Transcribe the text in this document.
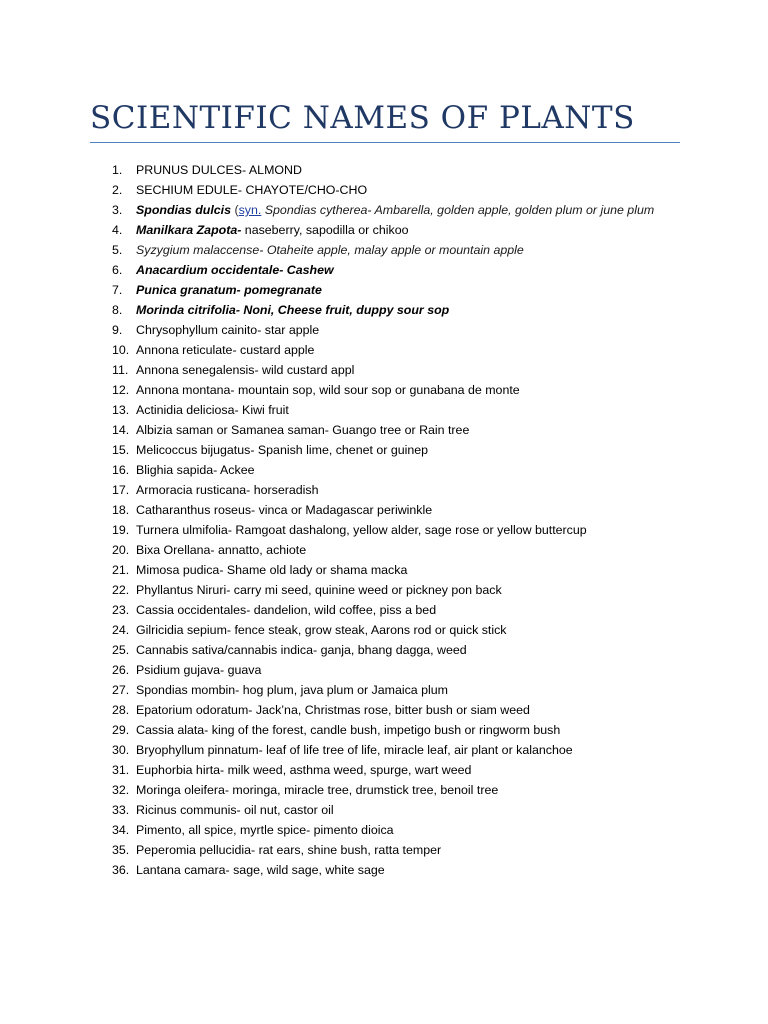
SCIENTIFIC NAMES OF PLANTS
1.	PRUNUS DULCES- ALMOND
2.	SECHIUM EDULE- CHAYOTE/CHO-CHO
3.	Spondias dulcis (syn. Spondias cytherea- Ambarella, golden apple, golden plum or june plum
4.	Manilkara Zapota- naseberry, sapodilla or chikoo
5.	Syzygium malaccense- Otaheite apple, malay apple or mountain apple
6.	Anacardium occidentale- Cashew
7.	Punica granatum- pomegranate
8.	Morinda citrifolia- Noni, Cheese fruit, duppy sour sop
9.	Chrysophyllum cainito- star apple
10. Annona reticulate- custard apple
11. Annona senegalensis- wild custard appl
12. Annona montana- mountain sop, wild sour sop or gunabana de monte
13. Actinidia deliciosa- Kiwi fruit
14. Albizia saman or Samanea saman- Guango tree or Rain tree
15. Melicoccus bijugatus- Spanish lime, chenet or guinep
16. Blighia sapida- Ackee
17. Armoracia rusticana- horseradish
18. Catharanthus roseus- vinca or Madagascar periwinkle
19. Turnera ulmifolia- Ramgoat dashalong, yellow alder, sage rose or yellow buttercup
20. Bixa Orellana- annatto, achiote
21. Mimosa pudica- Shame old lady or shama macka
22. Phyllantus Niruri- carry mi seed, quinine weed or pickney pon back
23. Cassia occidentales- dandelion, wild coffee, piss a bed
24. Gilricidia sepium- fence steak, grow steak, Aarons rod or quick stick
25. Cannabis sativa/cannabis indica- ganja, bhang dagga, weed
26. Psidium gujava- guava
27. Spondias mombin- hog plum, java plum or Jamaica plum
28. Epatorium odoratum- Jack’na, Christmas rose, bitter bush or siam weed
29. Cassia alata- king of the forest, candle bush, impetigo bush or ringworm bush
30. Bryophyllum pinnatum- leaf of life tree of life, miracle leaf, air plant or kalanchoe
31. Euphorbia hirta- milk weed, asthma weed, spurge, wart weed
32. Moringa oleifera- moringa, miracle tree, drumstick tree, benoil tree
33. Ricinus communis- oil nut, castor oil
34. Pimento, all spice, myrtle spice- pimento dioica
35. Peperomia pellucidia- rat ears, shine bush, ratta temper
36. Lantana camara- sage, wild sage, white sage
